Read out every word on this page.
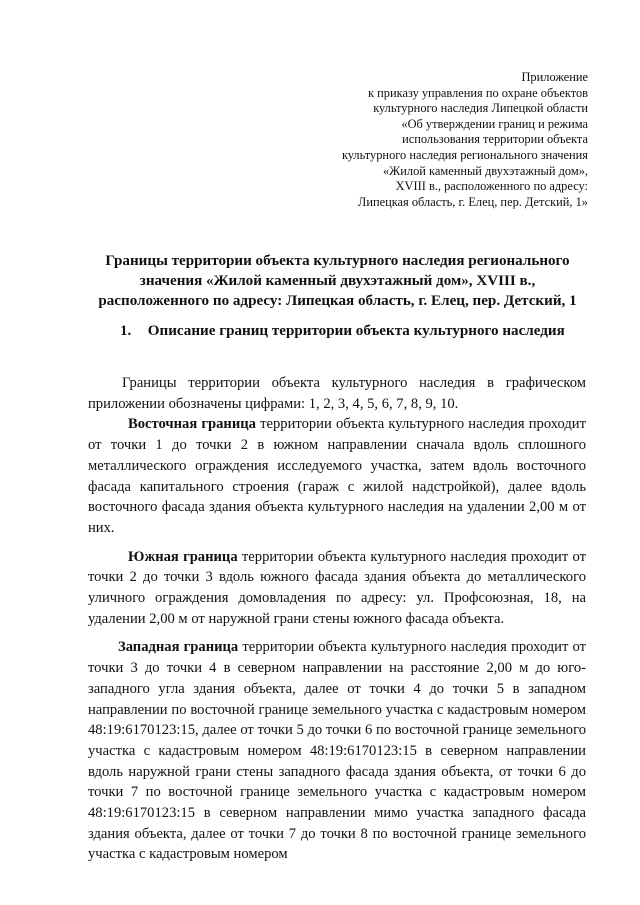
Приложение
к приказу управления по охране объектов
культурного наследия Липецкой области
«Об утверждении границ и режима
использования территории объекта
культурного наследия регионального значения
«Жилой каменный двухэтажный дом»,
XVIII в., расположенного по адресу:
Липецкая область, г. Елец, пер. Детский, 1»
Границы территории объекта культурного наследия регионального
значения «Жилой каменный двухэтажный дом», XVIII в.,
расположенного по адресу: Липецкая область, г. Елец, пер. Детский, 1
1. Описание границ территории объекта культурного наследия

Границы территории объекта культурного наследия в графическом приложении обозначены цифрами: 1, 2, 3, 4, 5, 6, 7, 8, 9, 10.

Восточная граница территории объекта культурного наследия проходит от точки 1 до точки 2 в южном направлении сначала вдоль сплошного металлического ограждения исследуемого участка, затем вдоль восточного фасада капитального строения (гараж с жилой надстройкой), далее вдоль восточного фасада здания объекта культурного наследия на удалении 2,00 м от них.

Южная граница территории объекта культурного наследия проходит от точки 2 до точки 3 вдоль южного фасада здания объекта до металлического уличного ограждения домовладения по адресу: ул. Профсоюзная, 18, на удалении 2,00 м от наружной грани стены южного фасада объекта.

Западная граница территории объекта культурного наследия проходит от точки 3 до точки 4 в северном направлении на расстояние 2,00 м до юго-западного угла здания объекта, далее от точки 4 до точки 5 в западном направлении по восточной границе земельного участка с кадастровым номером 48:19:6170123:15, далее от точки 5 до точки 6 по восточной границе земельного участка с кадастровым номером 48:19:6170123:15 в северном направлении вдоль наружной грани стены западного фасада здания объекта, от точки 6 до точки 7 по восточной границе земельного участка с кадастровым номером 48:19:6170123:15 в северном направлении мимо участка западного фасада здания объекта, далее от точки 7 до точки 8 по восточной границе земельного участка с кадастровым номером
